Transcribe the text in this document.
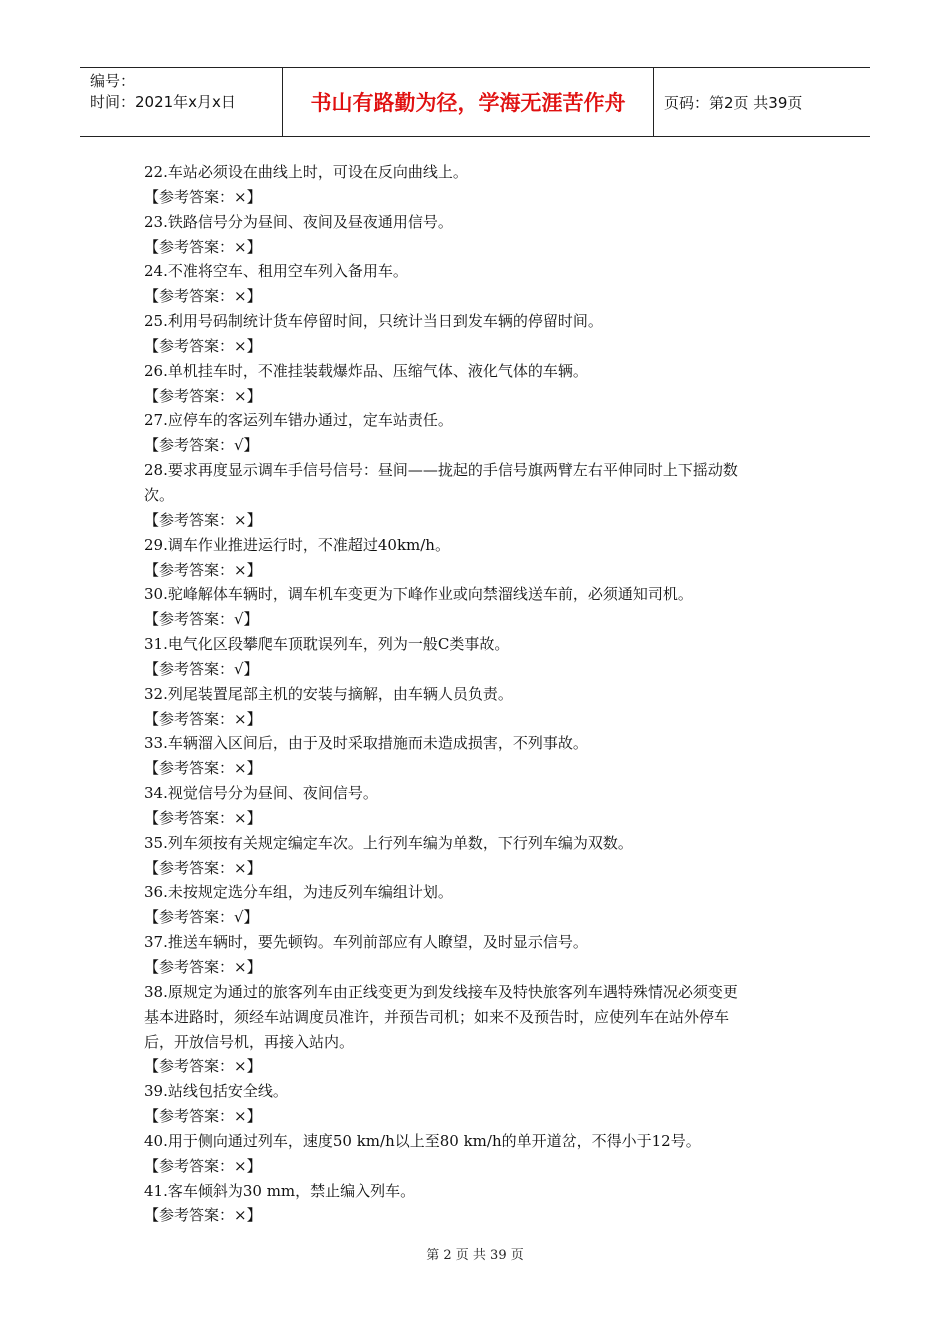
编号：
时间：2021年x月x日	书山有路勤为径，学海无涯苦作舟	页码：第2页 共39页
22.车站必须设在曲线上时，可设在反向曲线上。
【参考答案：×】
23.铁路信号分为昼间、夜间及昼夜通用信号。
【参考答案：×】
24.不准将空车、租用空车列入备用车。
【参考答案：×】
25.利用号码制统计货车停留时间，只统计当日到发车辆的停留时间。
【参考答案：×】
26.单机挂车时，不准挂装载爆炸品、压缩气体、液化气体的车辆。
【参考答案：×】
27.应停车的客运列车错办通过，定车站责任。
【参考答案：√】
28.要求再度显示调车手信号信号：昼间——拢起的手信号旗两臂左右平伸同时上下摇动数
次。
【参考答案：×】
29.调车作业推进运行时，不准超过40km/h。
【参考答案：×】
30.驼峰解体车辆时，调车机车变更为下峰作业或向禁溜线送车前，必须通知司机。
【参考答案：√】
31.电气化区段攀爬车顶耽误列车，列为一般C类事故。
【参考答案：√】
32.列尾装置尾部主机的安装与摘解，由车辆人员负责。
【参考答案：×】
33.车辆溜入区间后，由于及时采取措施而未造成损害，不列事故。
【参考答案：×】
34.视觉信号分为昼间、夜间信号。
【参考答案：×】
35.列车须按有关规定编定车次。上行列车编为单数，下行列车编为双数。
【参考答案：×】
36.未按规定选分车组，为违反列车编组计划。
【参考答案：√】
37.推送车辆时，要先顿钩。车列前部应有人瞭望，及时显示信号。
【参考答案：×】
38.原规定为通过的旅客列车由正线变更为到发线接车及特快旅客列车遇特殊情况必须变更
基本进路时，须经车站调度员准许，并预告司机；如来不及预告时，应使列车在站外停车
后，开放信号机，再接入站内。
【参考答案：×】
39.站线包括安全线。
【参考答案：×】
40.用于侧向通过列车，速度50 km/h以上至80 km/h的单开道岔，不得小于12号。
【参考答案：×】
41.客车倾斜为30 mm，禁止编入列车。
【参考答案：×】
第 2 页 共 39 页
